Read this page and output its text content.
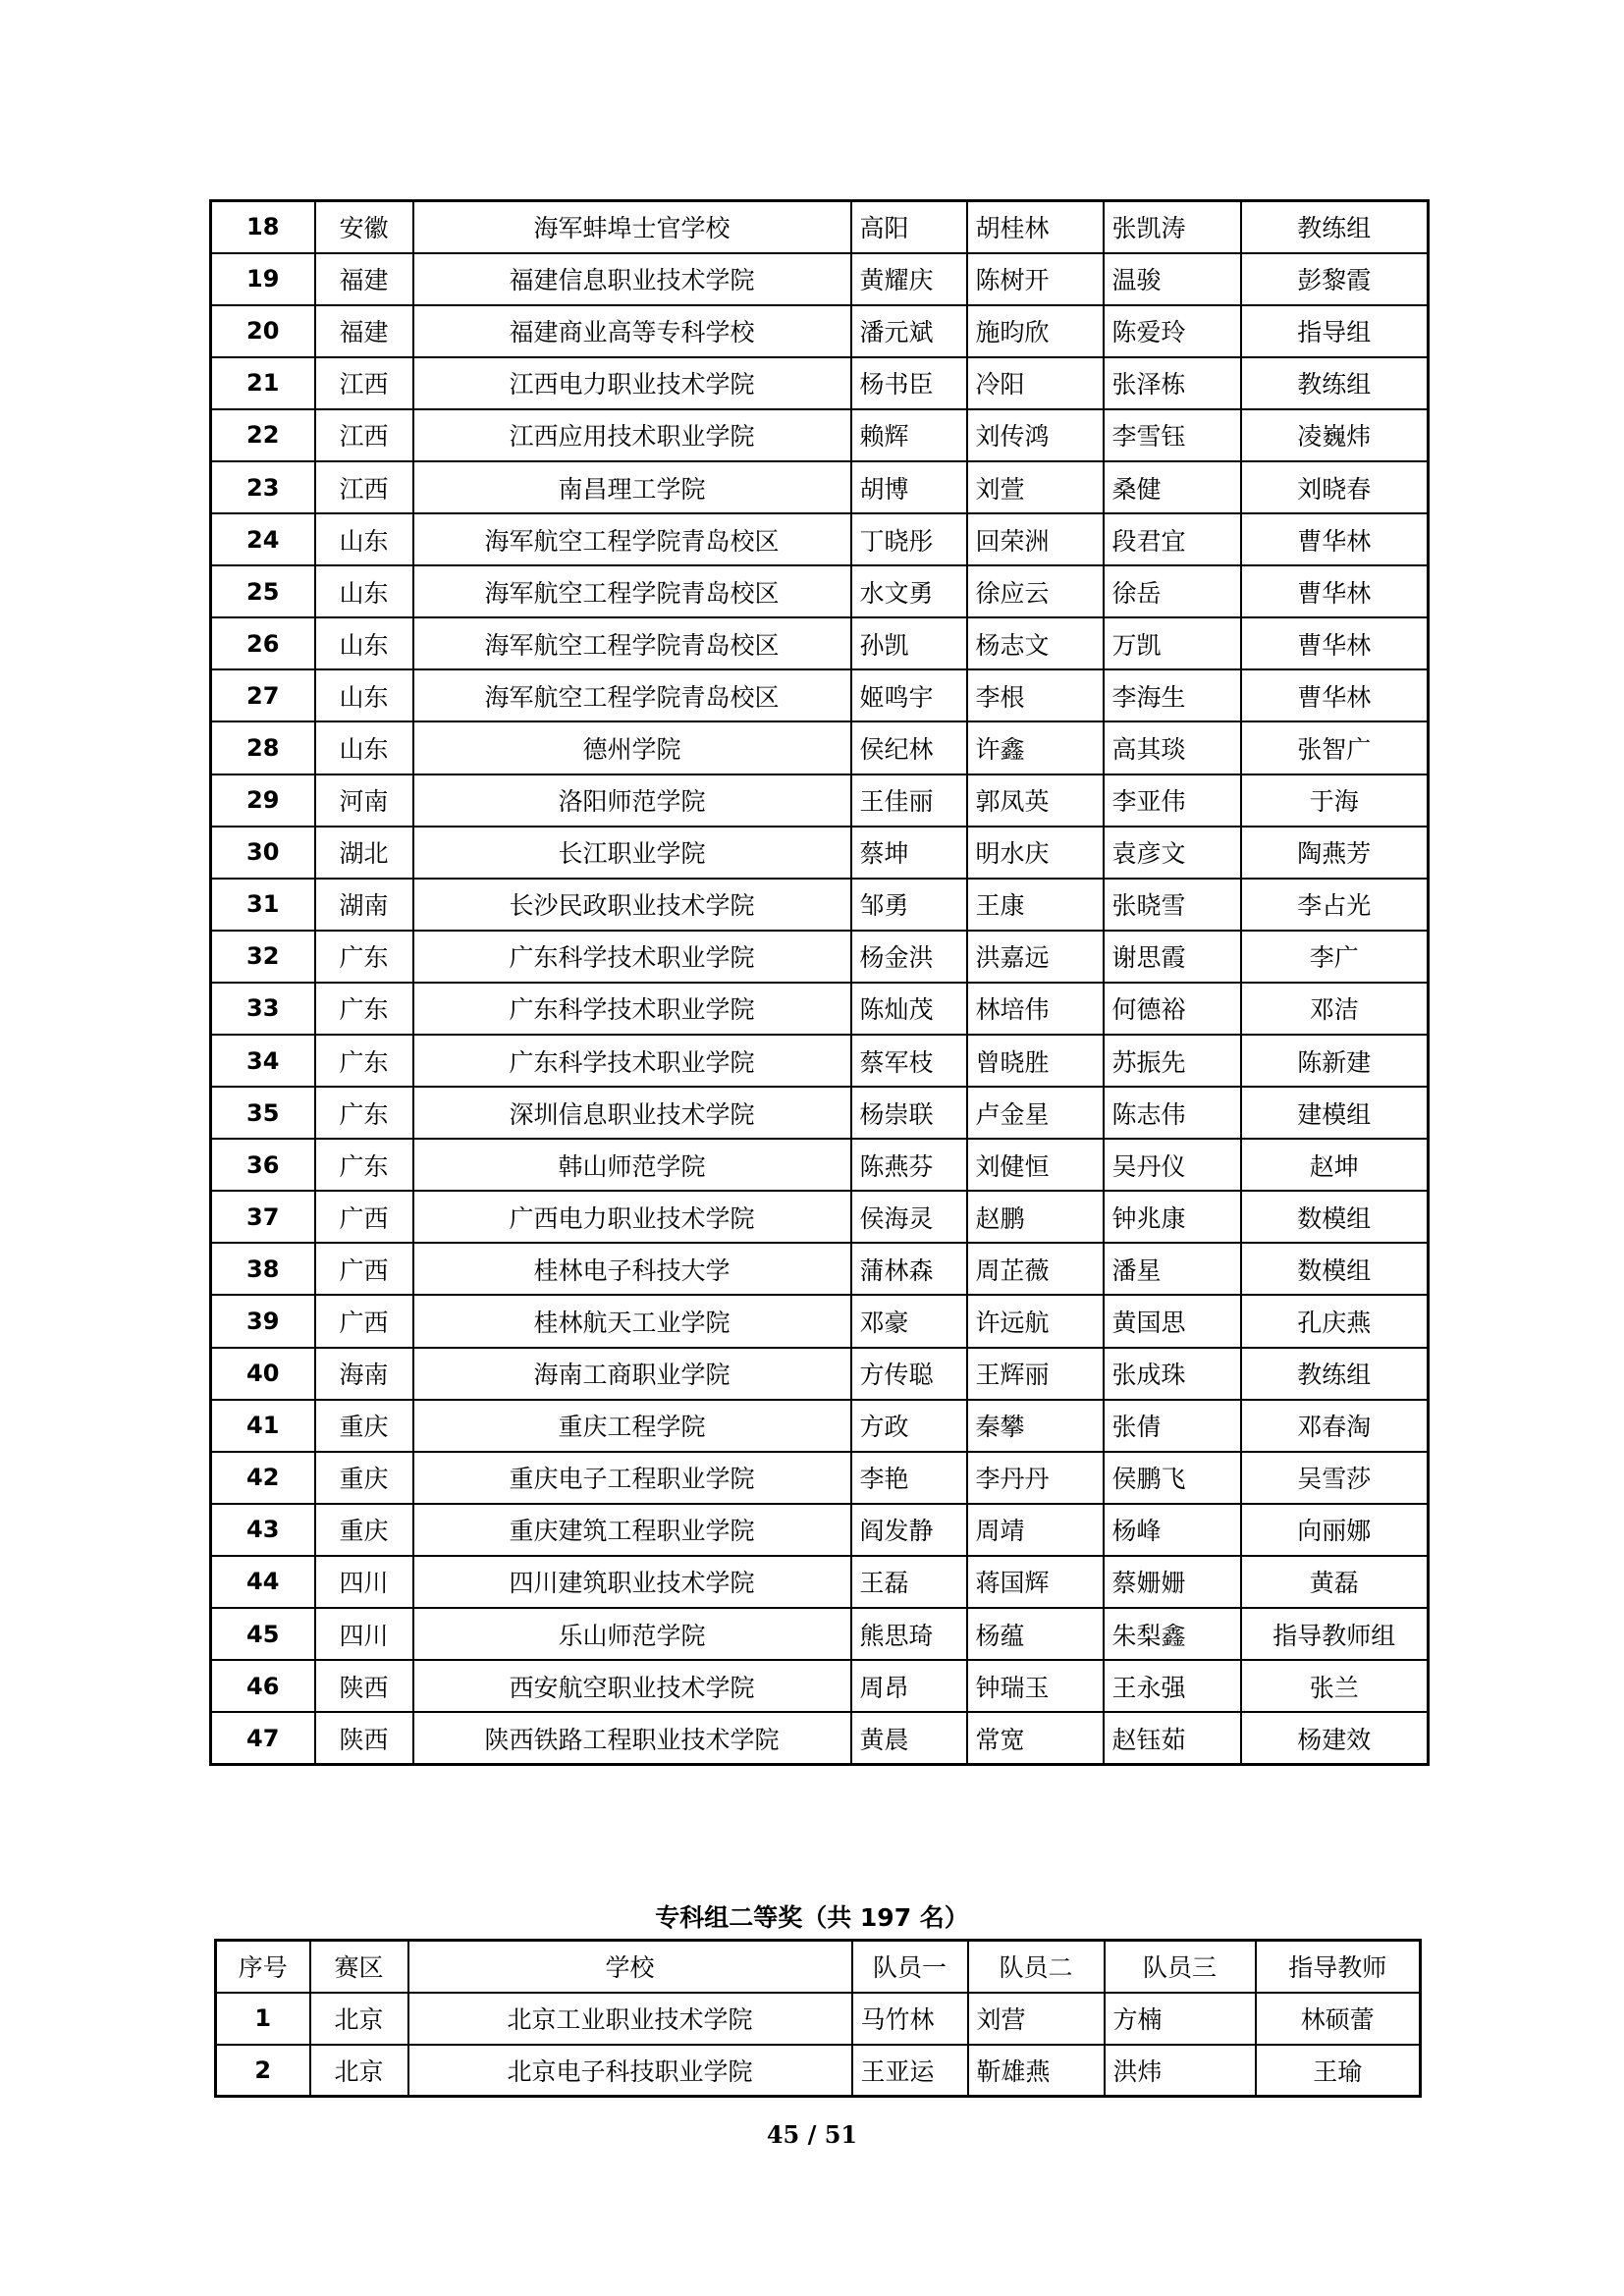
18	安徽	海军蚌埠士官学校	高阳	胡桂林	张凯涛	教练组
19	福建	福建信息职业技术学院	黄耀庆	陈树开	温骏	彭黎霞
20	福建	福建商业高等专科学校	潘元斌	施昀欣	陈爱玲	指导组
21	江西	江西电力职业技术学院	杨书臣	冷阳	张泽栋	教练组
22	江西	江西应用技术职业学院	赖辉	刘传鸿	李雪钰	凌巍炜
23	江西	南昌理工学院	胡博	刘萱	桑健	刘晓春
24	山东	海军航空工程学院青岛校区	丁晓彤	回荣洲	段君宜	曹华林
25	山东	海军航空工程学院青岛校区	水文勇	徐应云	徐岳	曹华林
26	山东	海军航空工程学院青岛校区	孙凯	杨志文	万凯	曹华林
27	山东	海军航空工程学院青岛校区	姬鸣宇	李根	李海生	曹华林
28	山东	德州学院	侯纪林	许鑫	高其琰	张智广
29	河南	洛阳师范学院	王佳丽	郭凤英	李亚伟	于海
30	湖北	长江职业学院	蔡坤	明水庆	袁彦文	陶燕芳
31	湖南	长沙民政职业技术学院	邹勇	王康	张晓雪	李占光
32	广东	广东科学技术职业学院	杨金洪	洪嘉远	谢思霞	李广
33	广东	广东科学技术职业学院	陈灿茂	林培伟	何德裕	邓洁
34	广东	广东科学技术职业学院	蔡军枝	曾晓胜	苏振先	陈新建
35	广东	深圳信息职业技术学院	杨崇联	卢金星	陈志伟	建模组
36	广东	韩山师范学院	陈燕芬	刘健恒	吴丹仪	赵坤
37	广西	广西电力职业技术学院	侯海灵	赵鹏	钟兆康	数模组
38	广西	桂林电子科技大学	蒲林森	周芷薇	潘星	数模组
39	广西	桂林航天工业学院	邓豪	许远航	黄国思	孔庆燕
40	海南	海南工商职业学院	方传聪	王辉丽	张成珠	教练组
41	重庆	重庆工程学院	方政	秦攀	张倩	邓春淘
42	重庆	重庆电子工程职业学院	李艳	李丹丹	侯鹏飞	吴雪莎
43	重庆	重庆建筑工程职业学院	阎发静	周靖	杨峰	向丽娜
44	四川	四川建筑职业技术学院	王磊	蒋国辉	蔡姗姗	黄磊
45	四川	乐山师范学院	熊思琦	杨蕴	朱梨鑫	指导教师组
46	陕西	西安航空职业技术学院	周昂	钟瑞玉	王永强	张兰
47	陕西	陕西铁路工程职业技术学院	黄晨	常宽	赵钰茹	杨建效
专科组二等奖（共 197 名）
序号	赛区	学校	队员一	队员二	队员三	指导教师
1	北京	北京工业职业技术学院	马竹林	刘营	方楠	林硕蕾
2	北京	北京电子科技职业学院	王亚运	靳雄燕	洪炜	王瑜
45 / 51
